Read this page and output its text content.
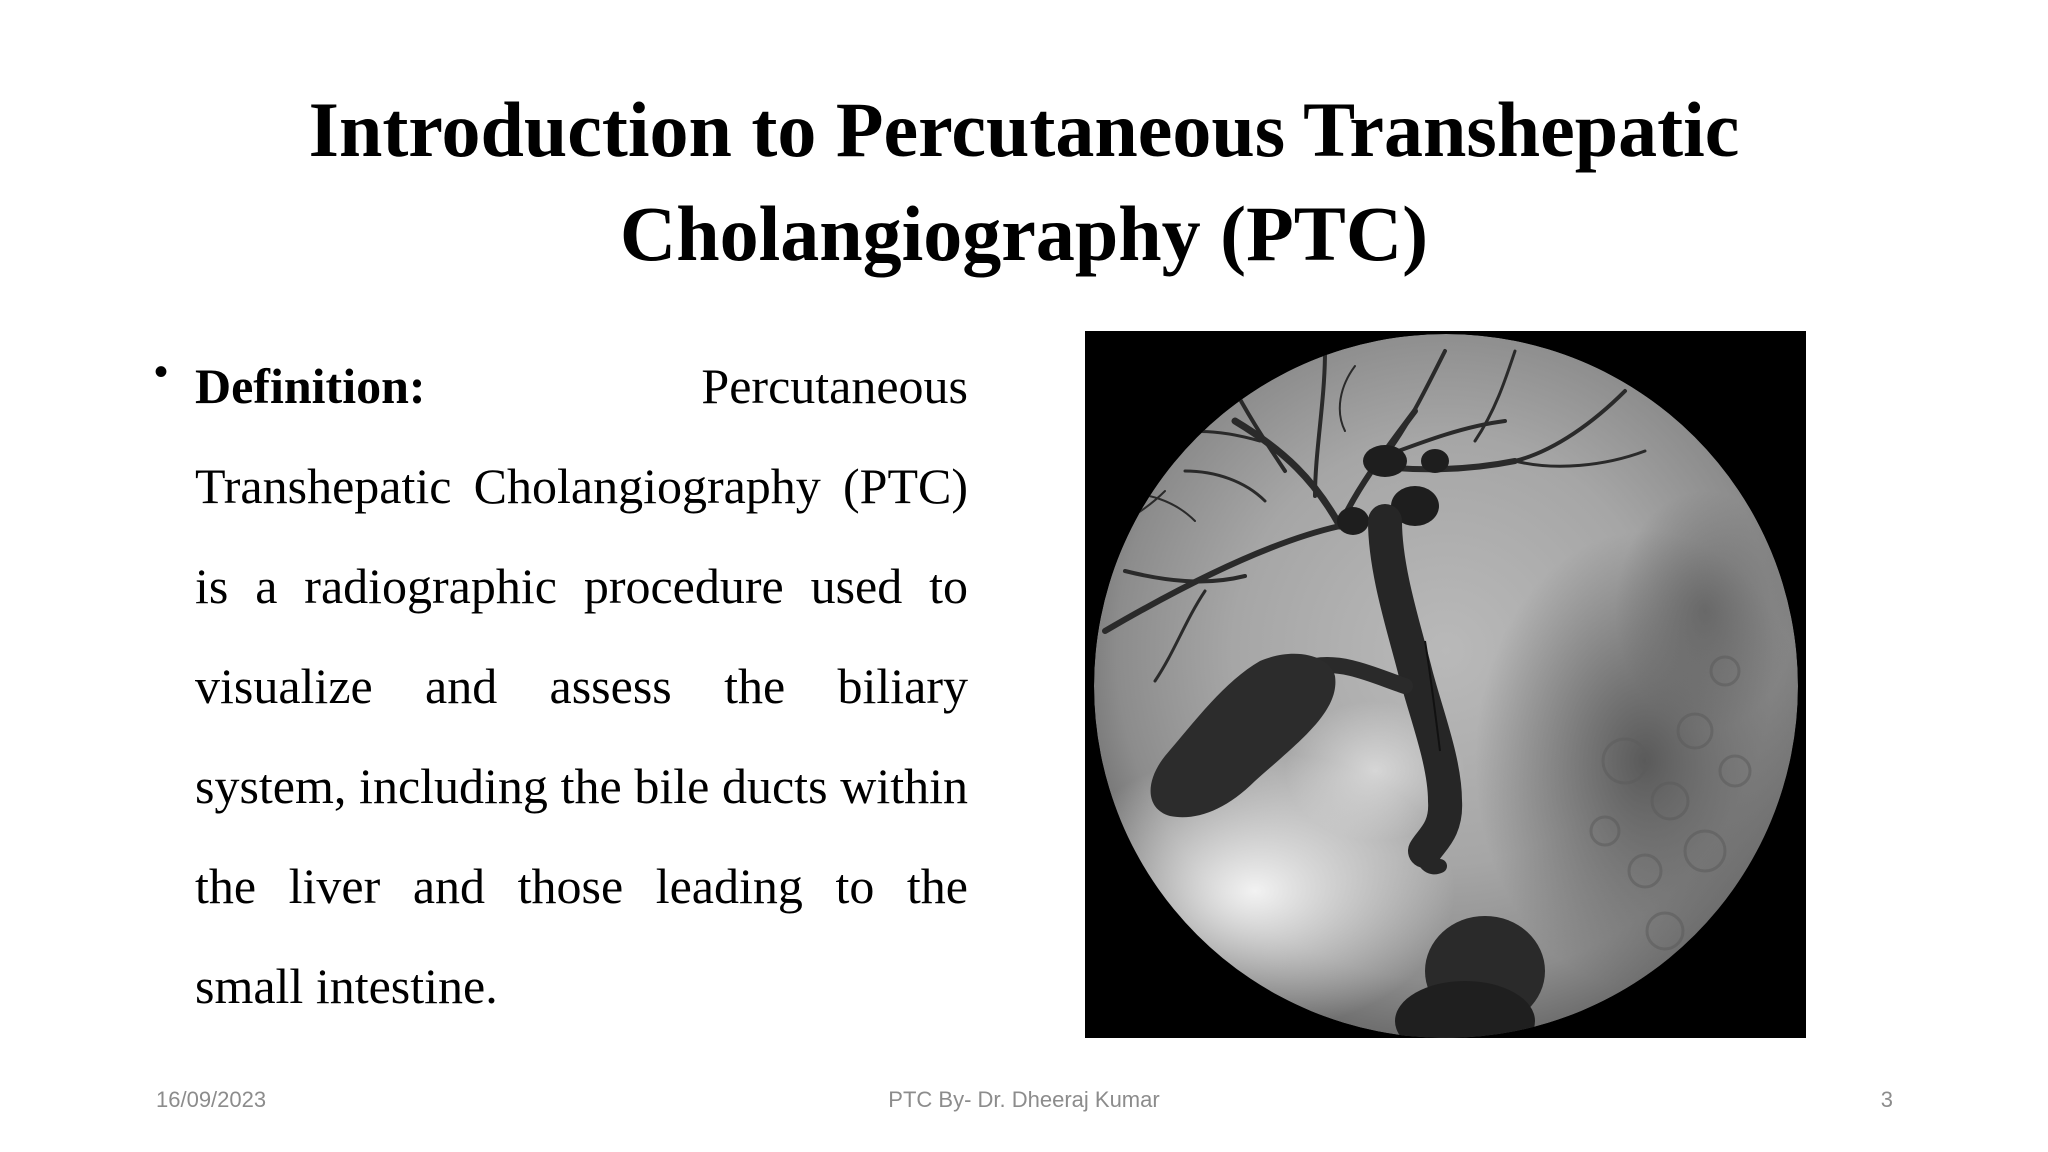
Introduction to Percutaneous Transhepatic
Cholangiography (PTC)
• Definition:	Percutaneous Transhepatic Cholangiography (PTC) is a radiographic procedure used to visualize and assess the biliary system, including the bile ducts within the liver and those leading to the small intestine.
16/09/2023	PTC By- Dr. Dheeraj Kumar	3
